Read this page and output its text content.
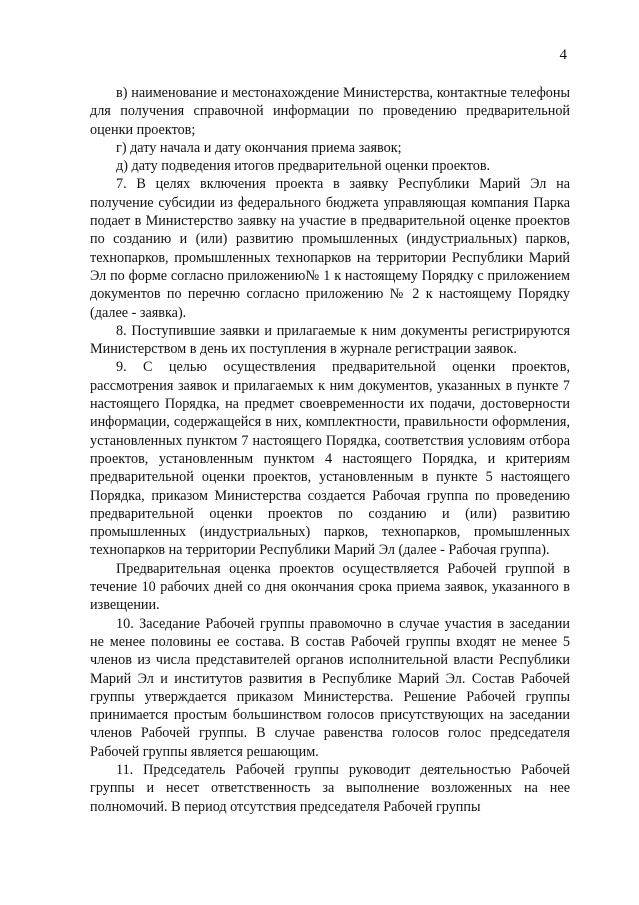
4

в) наименование и местонахождение Министерства, контактные телефоны для получения справочной информации по проведению предварительной оценки проектов;

г) дату начала и дату окончания приема заявок;

д) дату подведения итогов предварительной оценки проектов.

7. В целях включения проекта в заявку Республики Марий Эл на получение субсидии из федерального бюджета управляющая компания Парка подает в Министерство заявку на участие в предварительной оценке проектов по созданию и (или) развитию промышленных (индустриальных) парков, технопарков, промышленных технопарков на территории Республики Марий Эл по форме согласно приложению№ 1 к настоящему Порядку с приложением документов по перечню согласно приложению № 2 к настоящему Порядку (далее - заявка).

8. Поступившие заявки и прилагаемые к ним документы регистрируются Министерством в день их поступления в журнале регистрации заявок.

9. С целью осуществления предварительной оценки проектов, рассмотрения заявок и прилагаемых к ним документов, указанных в пункте 7 настоящего Порядка, на предмет своевременности их подачи, достоверности информации, содержащейся в них, комплектности, правильности оформления, установленных пунктом 7 настоящего Порядка, соответствия условиям отбора проектов, установленным пунктом 4 настоящего Порядка, и критериям предварительной оценки проектов, установленным в пункте 5 настоящего Порядка, приказом Министерства создается Рабочая группа по проведению предварительной оценки проектов по созданию и (или) развитию промышленных (индустриальных) парков, технопарков, промышленных технопарков на территории Республики Марий Эл (далее - Рабочая группа).

Предварительная оценка проектов осуществляется Рабочей группой в течение 10 рабочих дней со дня окончания срока приема заявок, указанного в извещении.

10. Заседание Рабочей группы правомочно в случае участия в заседании не менее половины ее состава. В состав Рабочей группы входят не менее 5 членов из числа представителей органов исполнительной власти Республики Марий Эл и институтов развития в Республике Марий Эл. Состав Рабочей группы утверждается приказом Министерства. Решение Рабочей группы принимается простым большинством голосов присутствующих на заседании членов Рабочей группы. В случае равенства голосов голос председателя Рабочей группы является решающим.

11. Председатель Рабочей группы руководит деятельностью Рабочей группы и несет ответственность за выполнение возложенных на нее полномочий. В период отсутствия председателя Рабочей группы
